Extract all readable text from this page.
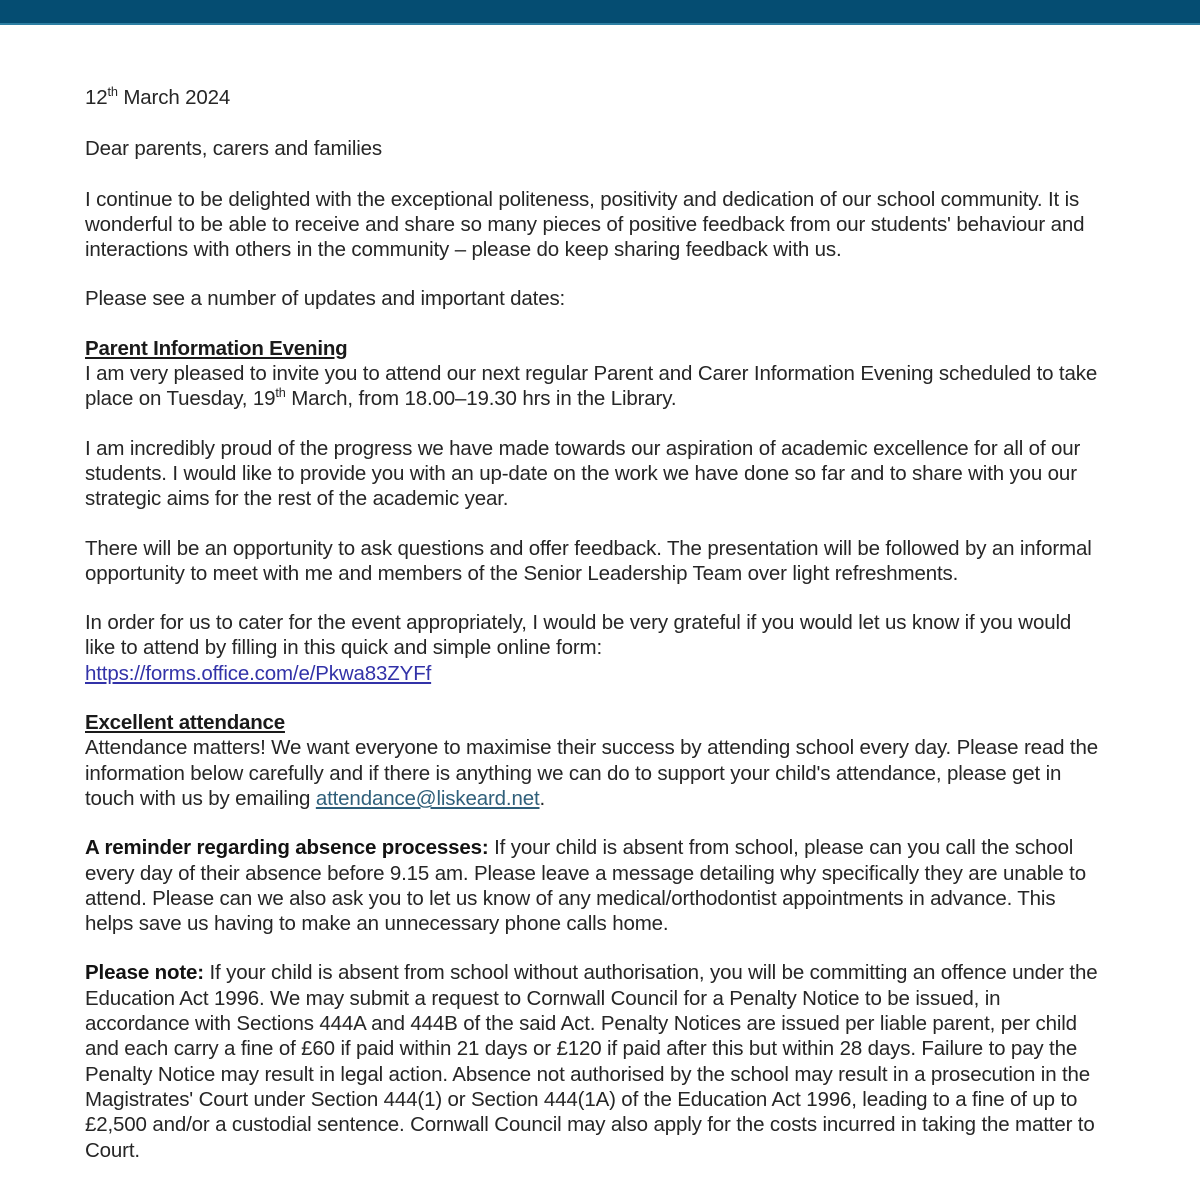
12th March 2024

Dear parents, carers and families

I continue to be delighted with the exceptional politeness, positivity and dedication of our school community. It is wonderful to be able to receive and share so many pieces of positive feedback from our students' behaviour and interactions with others in the community – please do keep sharing feedback with us.

Please see a number of updates and important dates:

Parent Information Evening

I am very pleased to invite you to attend our next regular Parent and Carer Information Evening scheduled to take place on Tuesday, 19th March, from 18.00–19.30 hrs in the Library.

I am incredibly proud of the progress we have made towards our aspiration of academic excellence for all of our students. I would like to provide you with an up-date on the work we have done so far and to share with you our strategic aims for the rest of the academic year.

There will be an opportunity to ask questions and offer feedback. The presentation will be followed by an informal opportunity to meet with me and members of the Senior Leadership Team over light refreshments.

In order for us to cater for the event appropriately, I would be very grateful if you would let us know if you would like to attend by filling in this quick and simple online form:

https://forms.office.com/e/Pkwa83ZYFf

Excellent attendance

Attendance matters! We want everyone to maximise their success by attending school every day. Please read the information below carefully and if there is anything we can do to support your child's attendance, please get in touch with us by emailing attendance@liskeard.net.

A reminder regarding absence processes: If your child is absent from school, please can you call the school every day of their absence before 9.15 am. Please leave a message detailing why specifically they are unable to attend. Please can we also ask you to let us know of any medical/orthodontist appointments in advance. This helps save us having to make an unnecessary phone calls home.

Please note: If your child is absent from school without authorisation, you will be committing an offence under the Education Act 1996. We may submit a request to Cornwall Council for a Penalty Notice to be issued, in accordance with Sections 444A and 444B of the said Act. Penalty Notices are issued per liable parent, per child and each carry a fine of £60 if paid within 21 days or £120 if paid after this but within 28 days. Failure to pay the Penalty Notice may result in legal action. Absence not authorised by the school may result in a prosecution in the Magistrates' Court under Section 444(1) or Section 444(1A) of the Education Act 1996, leading to a fine of up to £2,500 and/or a custodial sentence. Cornwall Council may also apply for the costs incurred in taking the matter to Court.
